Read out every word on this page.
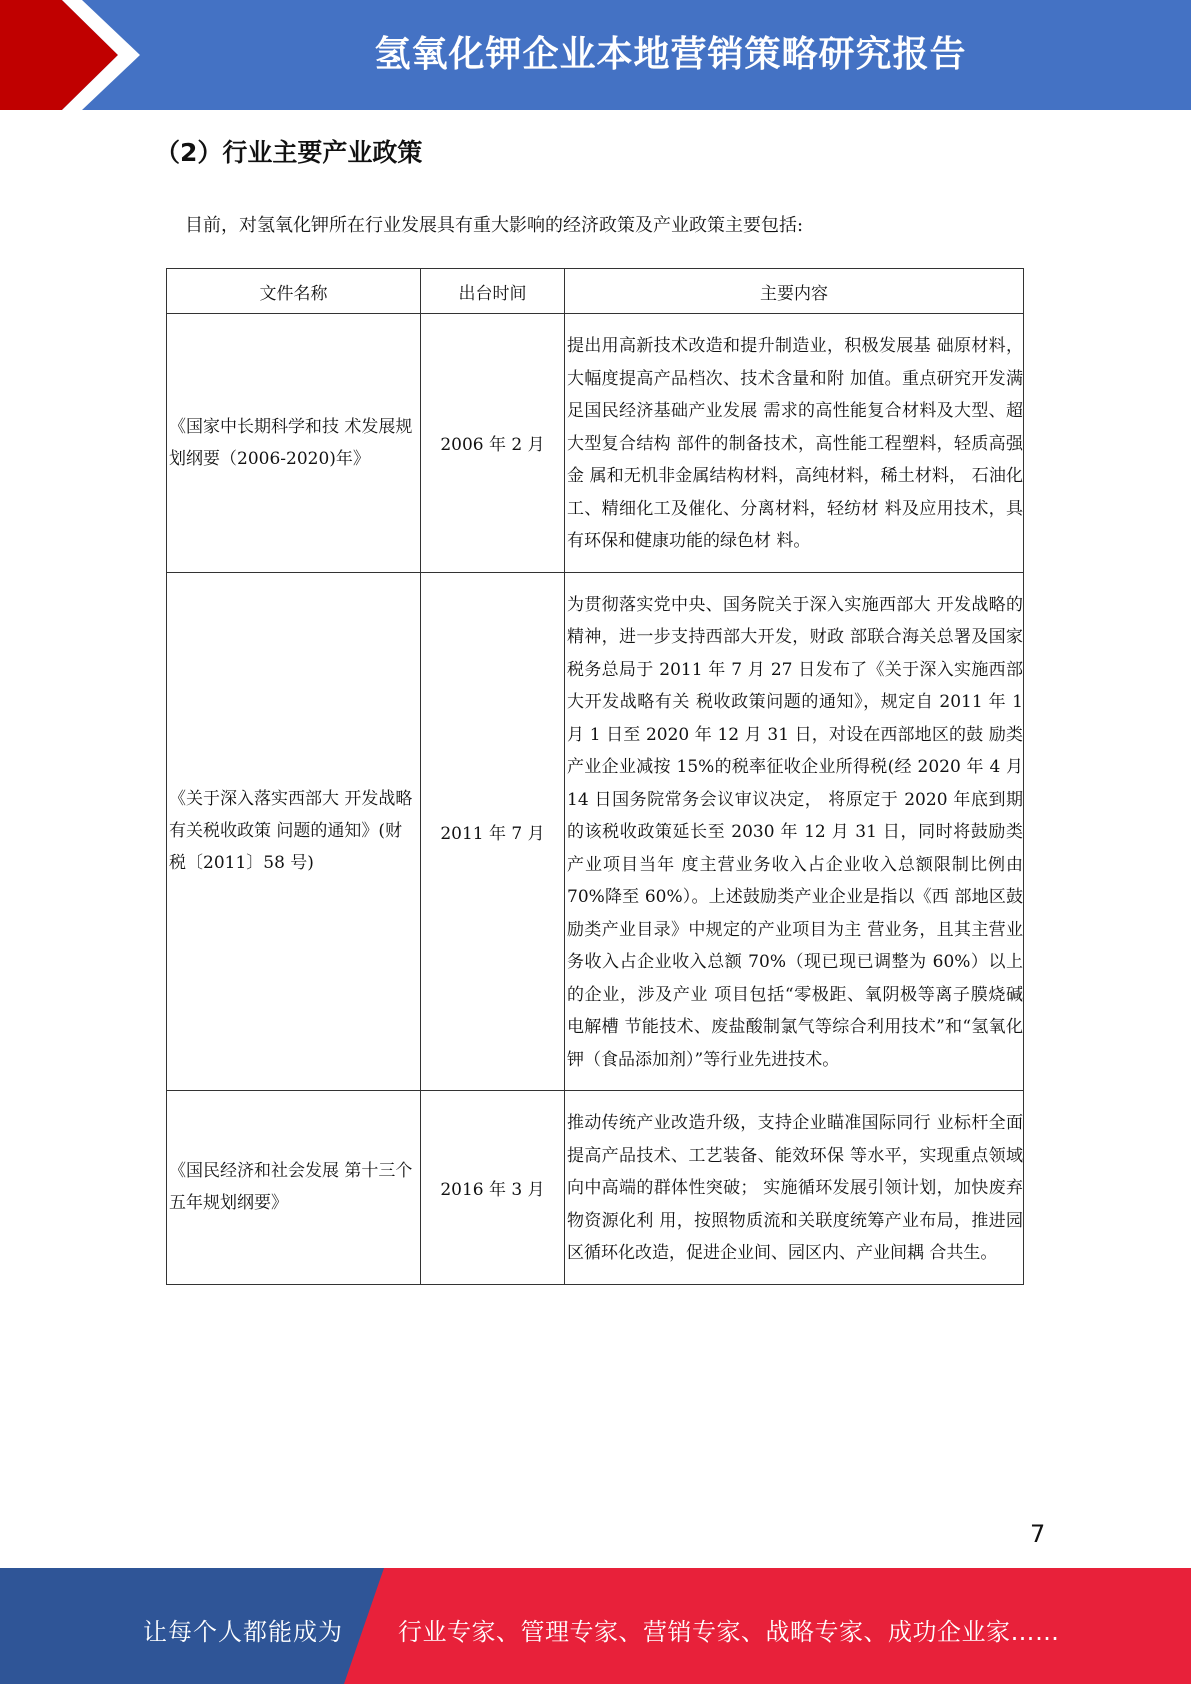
氢氧化钾企业本地营销策略研究报告
（2）行业主要产业政策
目前，对氢氧化钾所在行业发展具有重大影响的经济政策及产业政策主要包括:
文件名称	出台时间	主要内容
《国家中长期科学和技 术发展规划纲要（2006-2020)年》	2006 年 2 月	提出用高新技术改造和提升制造业，积极发展基 础原材料，大幅度提高产品档次、技术含量和附 加值。重点研究开发满足国民经济基础产业发展 需求的高性能复合材料及大型、超大型复合结构 部件的制备技术，高性能工程塑料，轻质高强金 属和无机非金属结构材料，高纯材料，稀土材料， 石油化工、精细化工及催化、分离材料，轻纺材 料及应用技术，具有环保和健康功能的绿色材 料。
《关于深入落实西部大 开发战略有关税收政策 问题的通知》(财税〔2011〕58 号)	2011 年 7 月	为贯彻落实党中央、国务院关于深入实施西部大 开发战略的精神，进一步支持西部大开发，财政 部联合海关总署及国家税务总局于 2011 年 7 月 27 日发布了《关于深入实施西部大开发战略有关 税收政策问题的通知》，规定自 2011 年 1 月 1 日至 2020 年 12 月 31 日，对设在西部地区的鼓 励类产业企业减按 15%的税率征收企业所得税(经 2020 年 4 月 14 日国务院常务会议审议决定， 将原定于 2020 年底到期的该税收政策延长至 2030 年 12 月 31 日，同时将鼓励类产业项目当年 度主营业务收入占企业收入总额限制比例由 70%降至 60%）。上述鼓励类产业企业是指以《西 部地区鼓励类产业目录》中规定的产业项目为主 营业务，且其主营业务收入占企业收入总额 70%（现已现已调整为 60%）以上的企业，涉及产业 项目包括“零极距、氧阴极等离子膜烧碱电解槽 节能技术、废盐酸制氯气等综合利用技术”和“氢氧化钾（食品添加剂）”等行业先进技术。
《国民经济和社会发展 第十三个五年规划纲要》	2016 年 3 月	推动传统产业改造升级，支持企业瞄准国际同行 业标杆全面提高产品技术、工艺装备、能效环保 等水平，实现重点领域向中高端的群体性突破； 实施循环发展引领计划，加快废弃物资源化利 用，按照物质流和关联度统筹产业布局，推进园 区循环化改造，促进企业间、园区内、产业间耦 合共生。
7
让每个人都能成为 行业专家、管理专家、营销专家、战略专家、成功企业家……
